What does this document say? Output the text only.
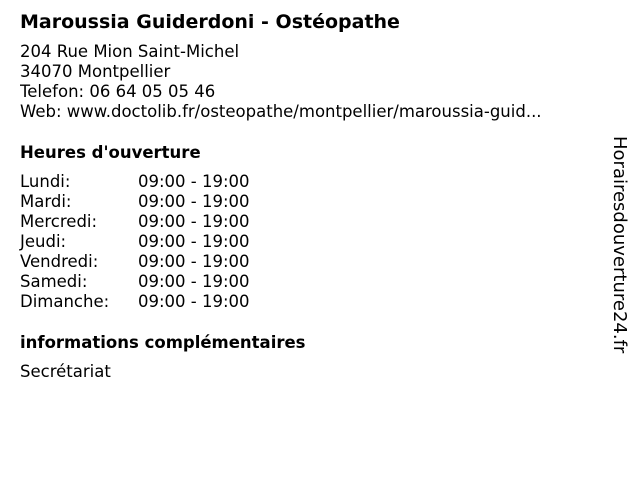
Maroussia Guiderdoni - Ostéopathe
204 Rue Mion Saint-Michel
34070 Montpellier
Telefon: 06 64 05 05 46
Web: www.doctolib.fr/osteopathe/montpellier/maroussia-guid...
Heures d'ouverture
Lundi:	09:00 - 19:00
Mardi:	09:00 - 19:00
Mercredi:	09:00 - 19:00
Jeudi:	09:00 - 19:00
Vendredi:	09:00 - 19:00
Samedi:	09:00 - 19:00
Dimanche:	09:00 - 19:00
informations complémentaires
Secrétariat
Horairesdouverture24.fr
